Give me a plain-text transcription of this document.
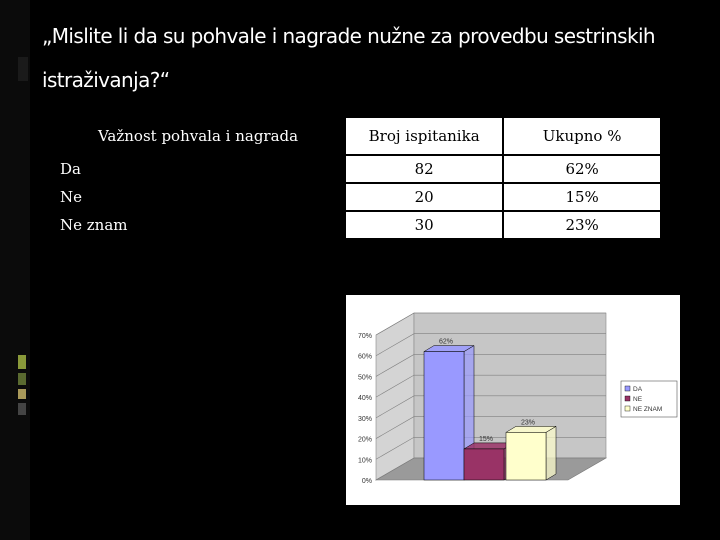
„Mislite li da su pohvale i nagrade nužne za provedbu sestrinskih istraživanja?“
Važnost pohvala i nagrada	Broj ispitanika	Ukupno %
Da	82	62%
Ne	20	15%
Ne znam	30	23%
0%
10%
20%
30%
40%
50%
60%
70%
62%
15%
23%
DA
NE
NE ZNAM
